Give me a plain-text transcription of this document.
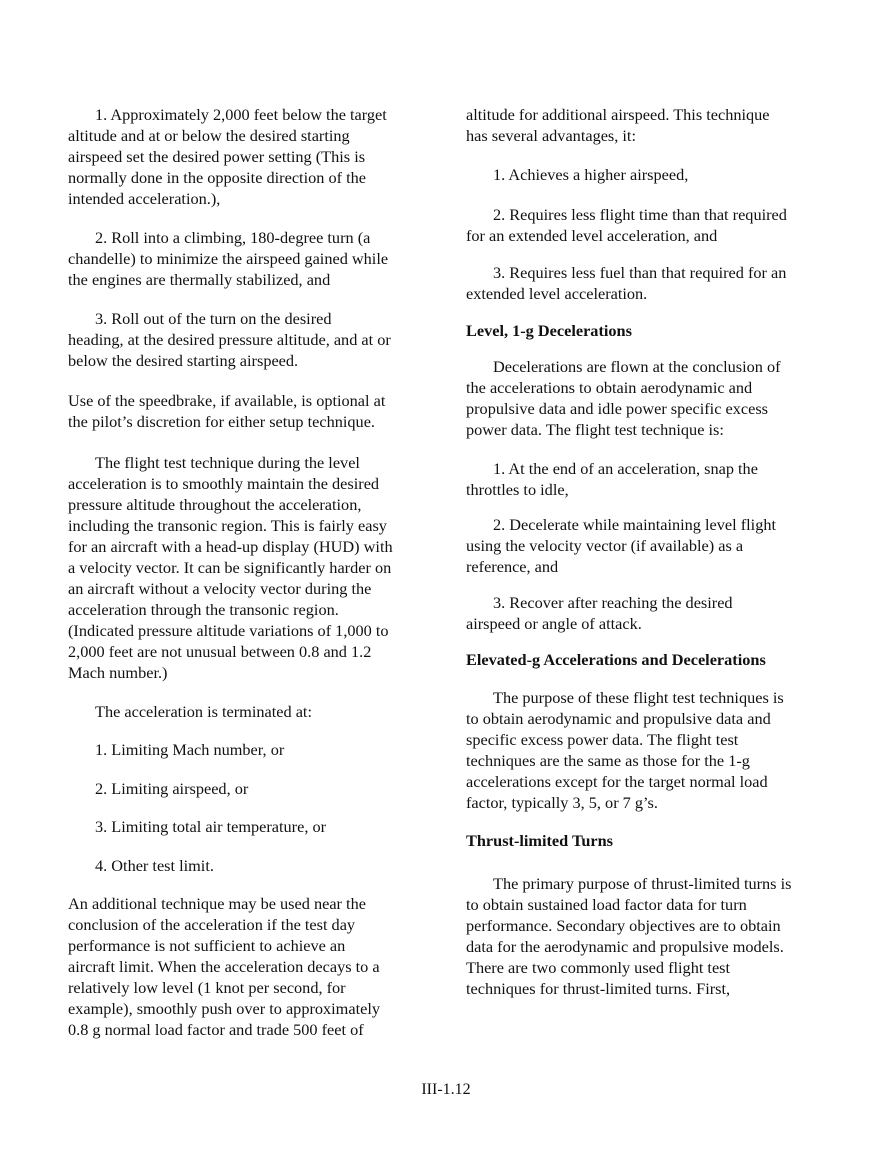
1. Approximately 2,000 feet below the target
altitude and at or below the desired starting
airspeed set the desired power setting (This is
normally done in the opposite direction of the
intended acceleration.),
2. Roll into a climbing, 180-degree turn (a
chandelle) to minimize the airspeed gained while
the engines are thermally stabilized, and
3. Roll out of the turn on the desired
heading, at the desired pressure altitude, and at or
below the desired starting airspeed.
Use of the speedbrake, if available, is optional at
the pilot’s discretion for either setup technique.
The flight test technique during the level
acceleration is to smoothly maintain the desired
pressure altitude throughout the acceleration,
including the transonic region. This is fairly easy
for an aircraft with a head-up display (HUD) with
a velocity vector. It can be significantly harder on
an aircraft without a velocity vector during the
acceleration through the transonic region.
(Indicated pressure altitude variations of 1,000 to
2,000 feet are not unusual between 0.8 and 1.2
Mach number.)
The acceleration is terminated at:
1. Limiting Mach number, or
2. Limiting airspeed, or
3. Limiting total air temperature, or
4. Other test limit.
An additional technique may be used near the
conclusion of the acceleration if the test day
performance is not sufficient to achieve an
aircraft limit. When the acceleration decays to a
relatively low level (1 knot per second, for
example), smoothly push over to approximately
0.8 g normal load factor and trade 500 feet of
altitude for additional airspeed. This technique
has several advantages, it:
1. Achieves a higher airspeed,
2. Requires less flight time than that required
for an extended level acceleration, and
3. Requires less fuel than that required for an
extended level acceleration.
Level, 1-g Decelerations
Decelerations are flown at the conclusion of
the accelerations to obtain aerodynamic and
propulsive data and idle power specific excess
power data. The flight test technique is:
1. At the end of an acceleration, snap the
throttles to idle,
2. Decelerate while maintaining level flight
using the velocity vector (if available) as a
reference, and
3. Recover after reaching the desired
airspeed or angle of attack.
Elevated-g Accelerations and Decelerations
The purpose of these flight test techniques is
to obtain aerodynamic and propulsive data and
specific excess power data. The flight test
techniques are the same as those for the 1-g
accelerations except for the target normal load
factor, typically 3, 5, or 7 g’s.
Thrust-limited Turns
The primary purpose of thrust-limited turns is
to obtain sustained load factor data for turn
performance. Secondary objectives are to obtain
data for the aerodynamic and propulsive models.
There are two commonly used flight test
techniques for thrust-limited turns. First,
III-1.12
